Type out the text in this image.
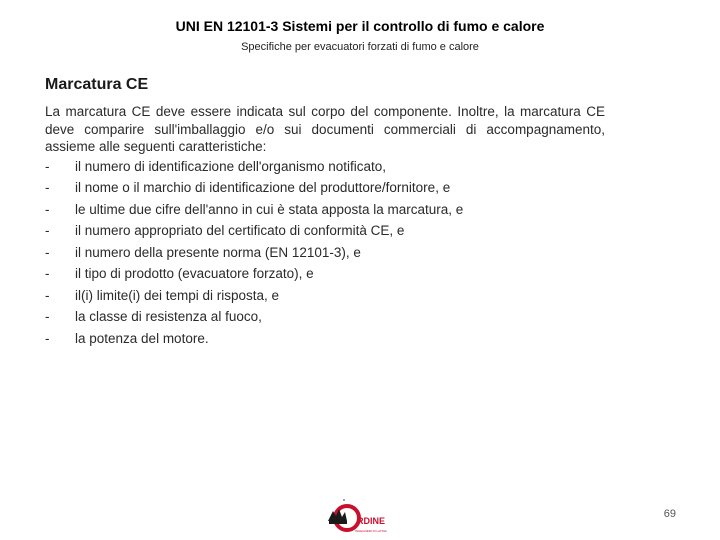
UNI EN 12101-3 Sistemi per il controllo di fumo e calore
Specifiche per evacuatori forzati di fumo e calore
Marcatura CE

La marcatura CE deve essere indicata sul corpo del componente. Inoltre, la marcatura CE deve comparire sull'imballaggio e/o sui documenti commerciali di accompagnamento, assieme alle seguenti caratteristiche:

-	il numero di identificazione dell'organismo notificato,
-	il nome o il marchio di identificazione del produttore/fornitore, e
-	le ultime due cifre dell'anno in cui è stata apposta la marcatura, e
-	il numero appropriato del certificato di conformità CE, e
-	il numero della presente norma (EN 12101-3), e
-	il tipo di prodotto (evacuatore forzato), e
-	il(i) limite(i) dei tempi di risposta, e
-	la classe di resistenza al fuoco,
-	la potenza del motore.
RDINE
INGEGNERI DI LATINA
69
